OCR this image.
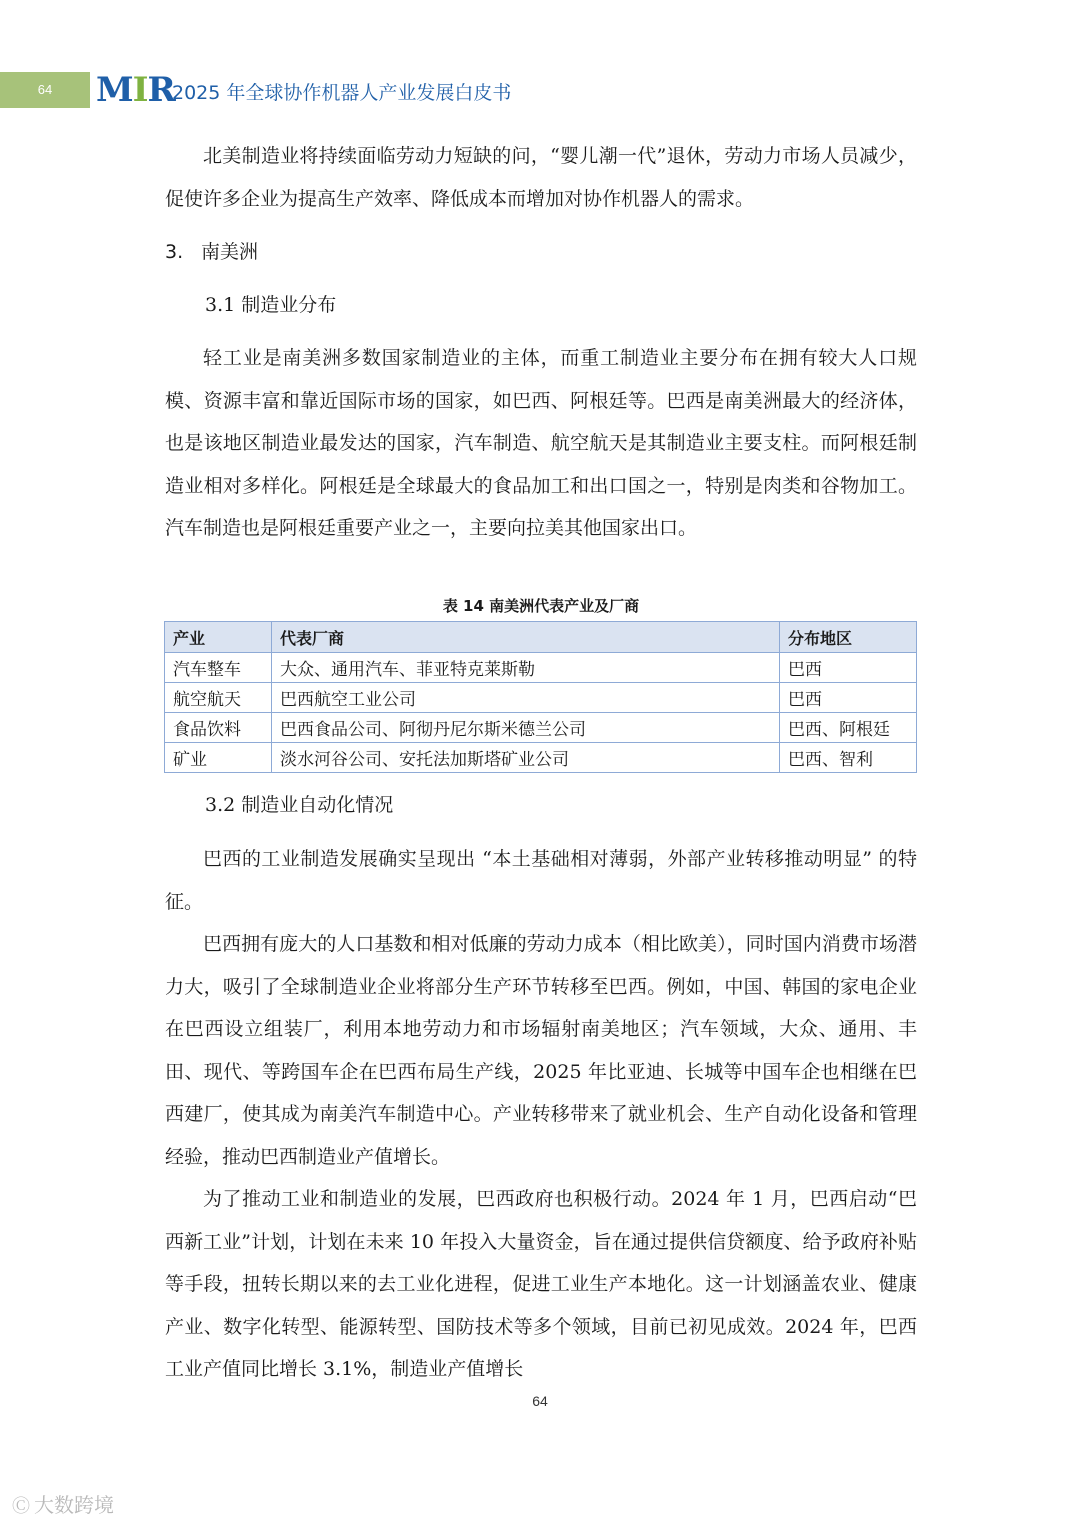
64	MIR
2025 年全球协作机器人产业发展白皮书

北美制造业将持续面临劳动力短缺的问，“婴儿潮一代”退休，劳动力市场人员减少，促使许多企业为提高生产效率、降低成本而增加对协作机器人的需求。

3. 南美洲
3.1 制造业分布

轻工业是南美洲多数国家制造业的主体，而重工制造业主要分布在拥有较大人口规模、资源丰富和靠近国际市场的国家，如巴西、阿根廷等。巴西是南美洲最大的经济体，也是该地区制造业最发达的国家，汽车制造、航空航天是其制造业主要支柱。而阿根廷制造业相对多样化。阿根廷是全球最大的食品加工和出口国之一，特别是肉类和谷物加工。汽车制造也是阿根廷重要产业之一，主要向拉美其他国家出口。

表 14 南美洲代表产业及厂商
产业	代表厂商	分布地区
汽车整车	大众、通用汽车、菲亚特克莱斯勒	巴西
航空航天	巴西航空工业公司	巴西
食品饮料	巴西食品公司、阿彻丹尼尔斯米德兰公司	巴西、阿根廷
矿业	淡水河谷公司、安托法加斯塔矿业公司	巴西、智利
3.2 制造业自动化情况

巴西的工业制造发展确实呈现出 “本土基础相对薄弱，外部产业转移推动明显” 的特征。

巴西拥有庞大的人口基数和相对低廉的劳动力成本（相比欧美），同时国内消费市场潜力大，吸引了全球制造业企业将部分生产环节转移至巴西。例如，中国、韩国的家电企业在巴西设立组装厂，利用本地劳动力和市场辐射南美地区；汽车领域，大众、通用、丰田、现代、等跨国车企在巴西布局生产线，2025 年比亚迪、长城等中国车企也相继在巴西建厂，使其成为南美汽车制造中心。产业转移带来了就业机会、生产自动化设备和管理经验，推动巴西制造业产值增长。

为了推动工业和制造业的发展，巴西政府也积极行动。2024 年 1 月，巴西启动“巴西新工业”计划，计划在未来 10 年投入大量资金，旨在通过提供信贷额度、给予政府补贴等手段，扭转长期以来的去工业化进程，促进工业生产本地化。这一计划涵盖农业、健康产业、数字化转型、能源转型、国防技术等多个领域，目前已初见成效。2024 年，巴西工业产值同比增长 3.1%，制造业产值增长

64
Ⓒ 大数跨境
